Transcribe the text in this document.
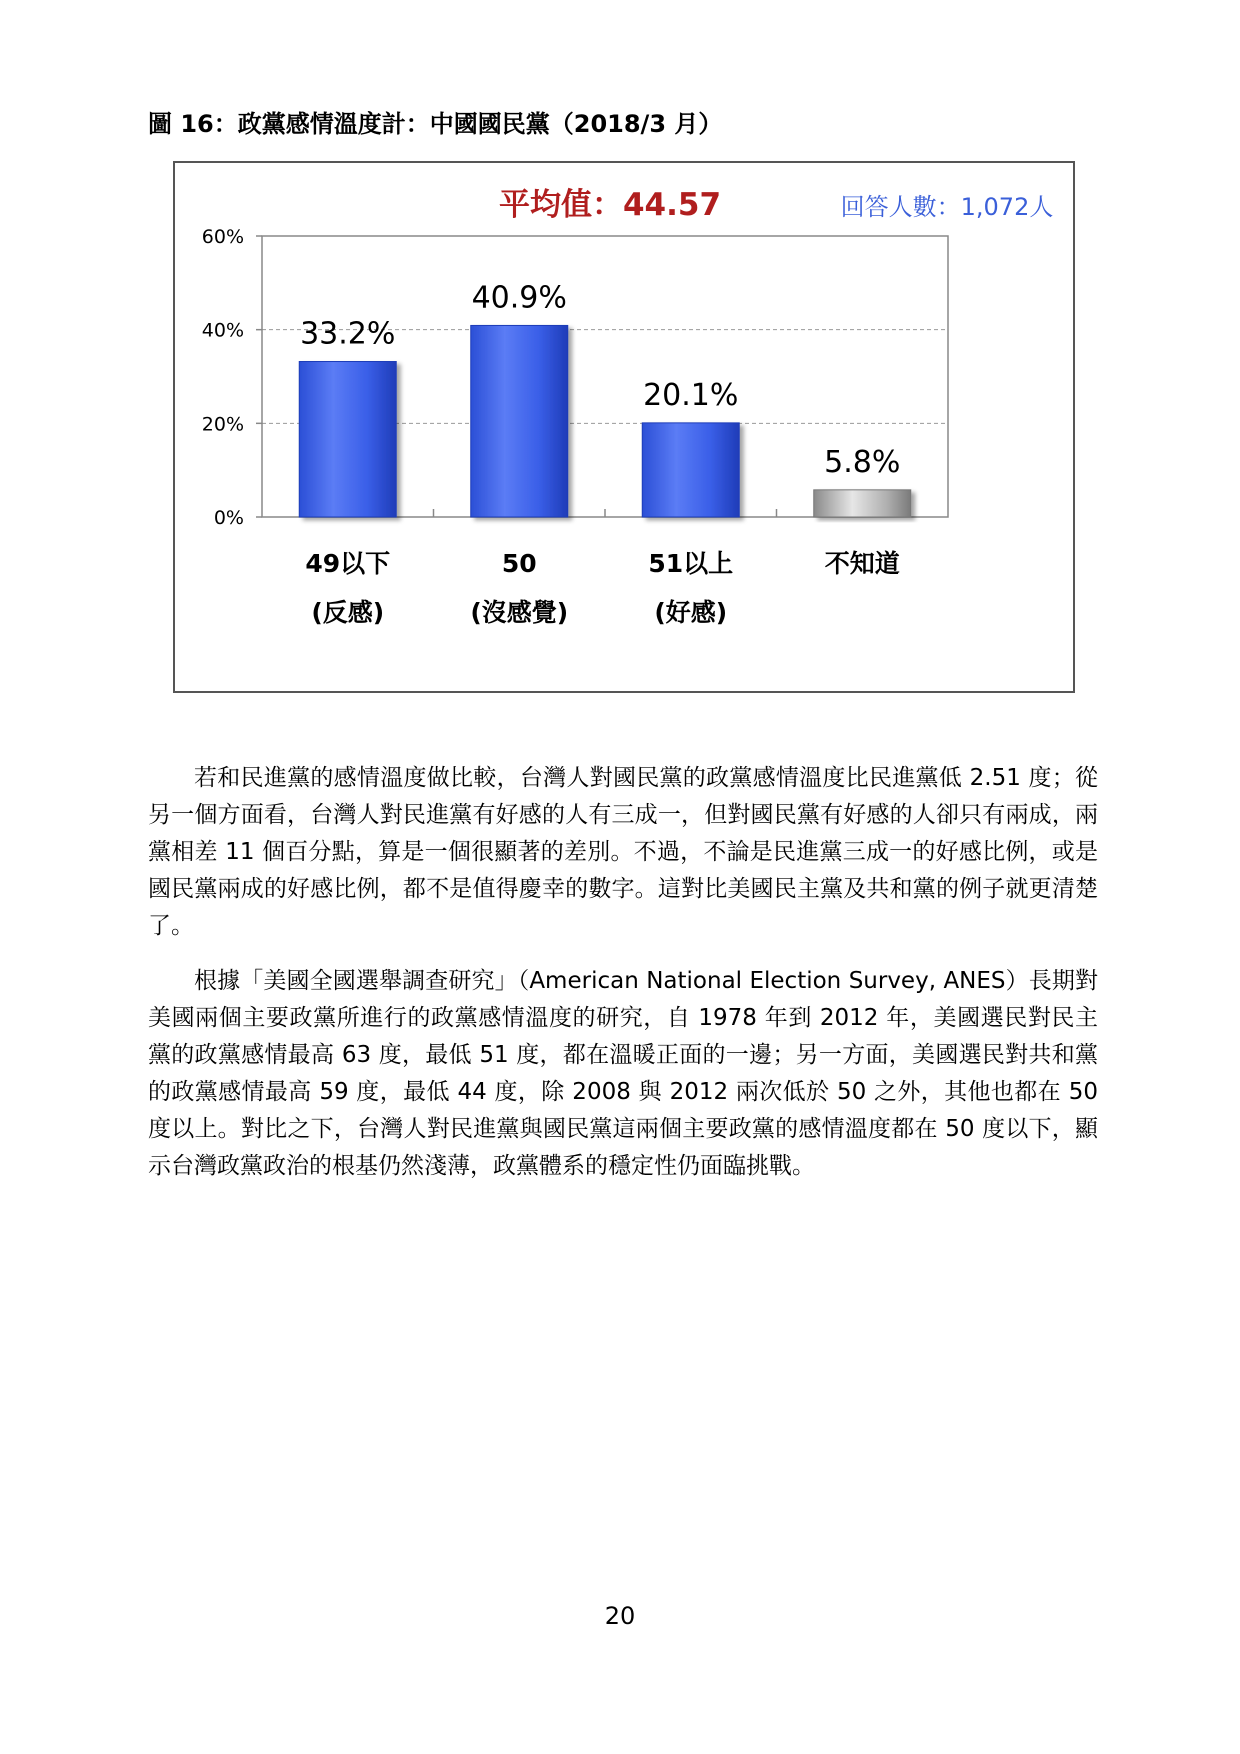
圖 16：政黨感情溫度計：中國國民黨（2018/3 月）
平均值：44.57	回答人數：1,072人
0%
20%
40%
60%
33.2%
49以下
(反感)
40.9%
50
(沒感覺)
20.1%
51以上
(好感)
5.8%
不知道

若和民進黨的感情溫度做比較，台灣人對國民黨的政黨感情溫度比民進黨低 2.51 度；從另一個方面看，台灣人對民進黨有好感的人有三成一，但對國民黨有好感的人卻只有兩成，兩黨相差 11 個百分點，算是一個很顯著的差別。不過，不論是民進黨三成一的好感比例，或是國民黨兩成的好感比例，都不是值得慶幸的數字。這對比美國民主黨及共和黨的例子就更清楚了。

根據「美國全國選舉調查研究」（American National Election Survey, ANES）長期對美國兩個主要政黨所進行的政黨感情溫度的研究，自 1978 年到 2012 年，美國選民對民主黨的政黨感情最高 63 度，最低 51 度，都在溫暖正面的一邊；另一方面，美國選民對共和黨的政黨感情最高 59 度，最低 44 度，除 2008 與 2012 兩次低於 50 之外，其他也都在 50 度以上。對比之下，台灣人對民進黨與國民黨這兩個主要政黨的感情溫度都在 50 度以下，顯示台灣政黨政治的根基仍然淺薄，政黨體系的穩定性仍面臨挑戰。

20
